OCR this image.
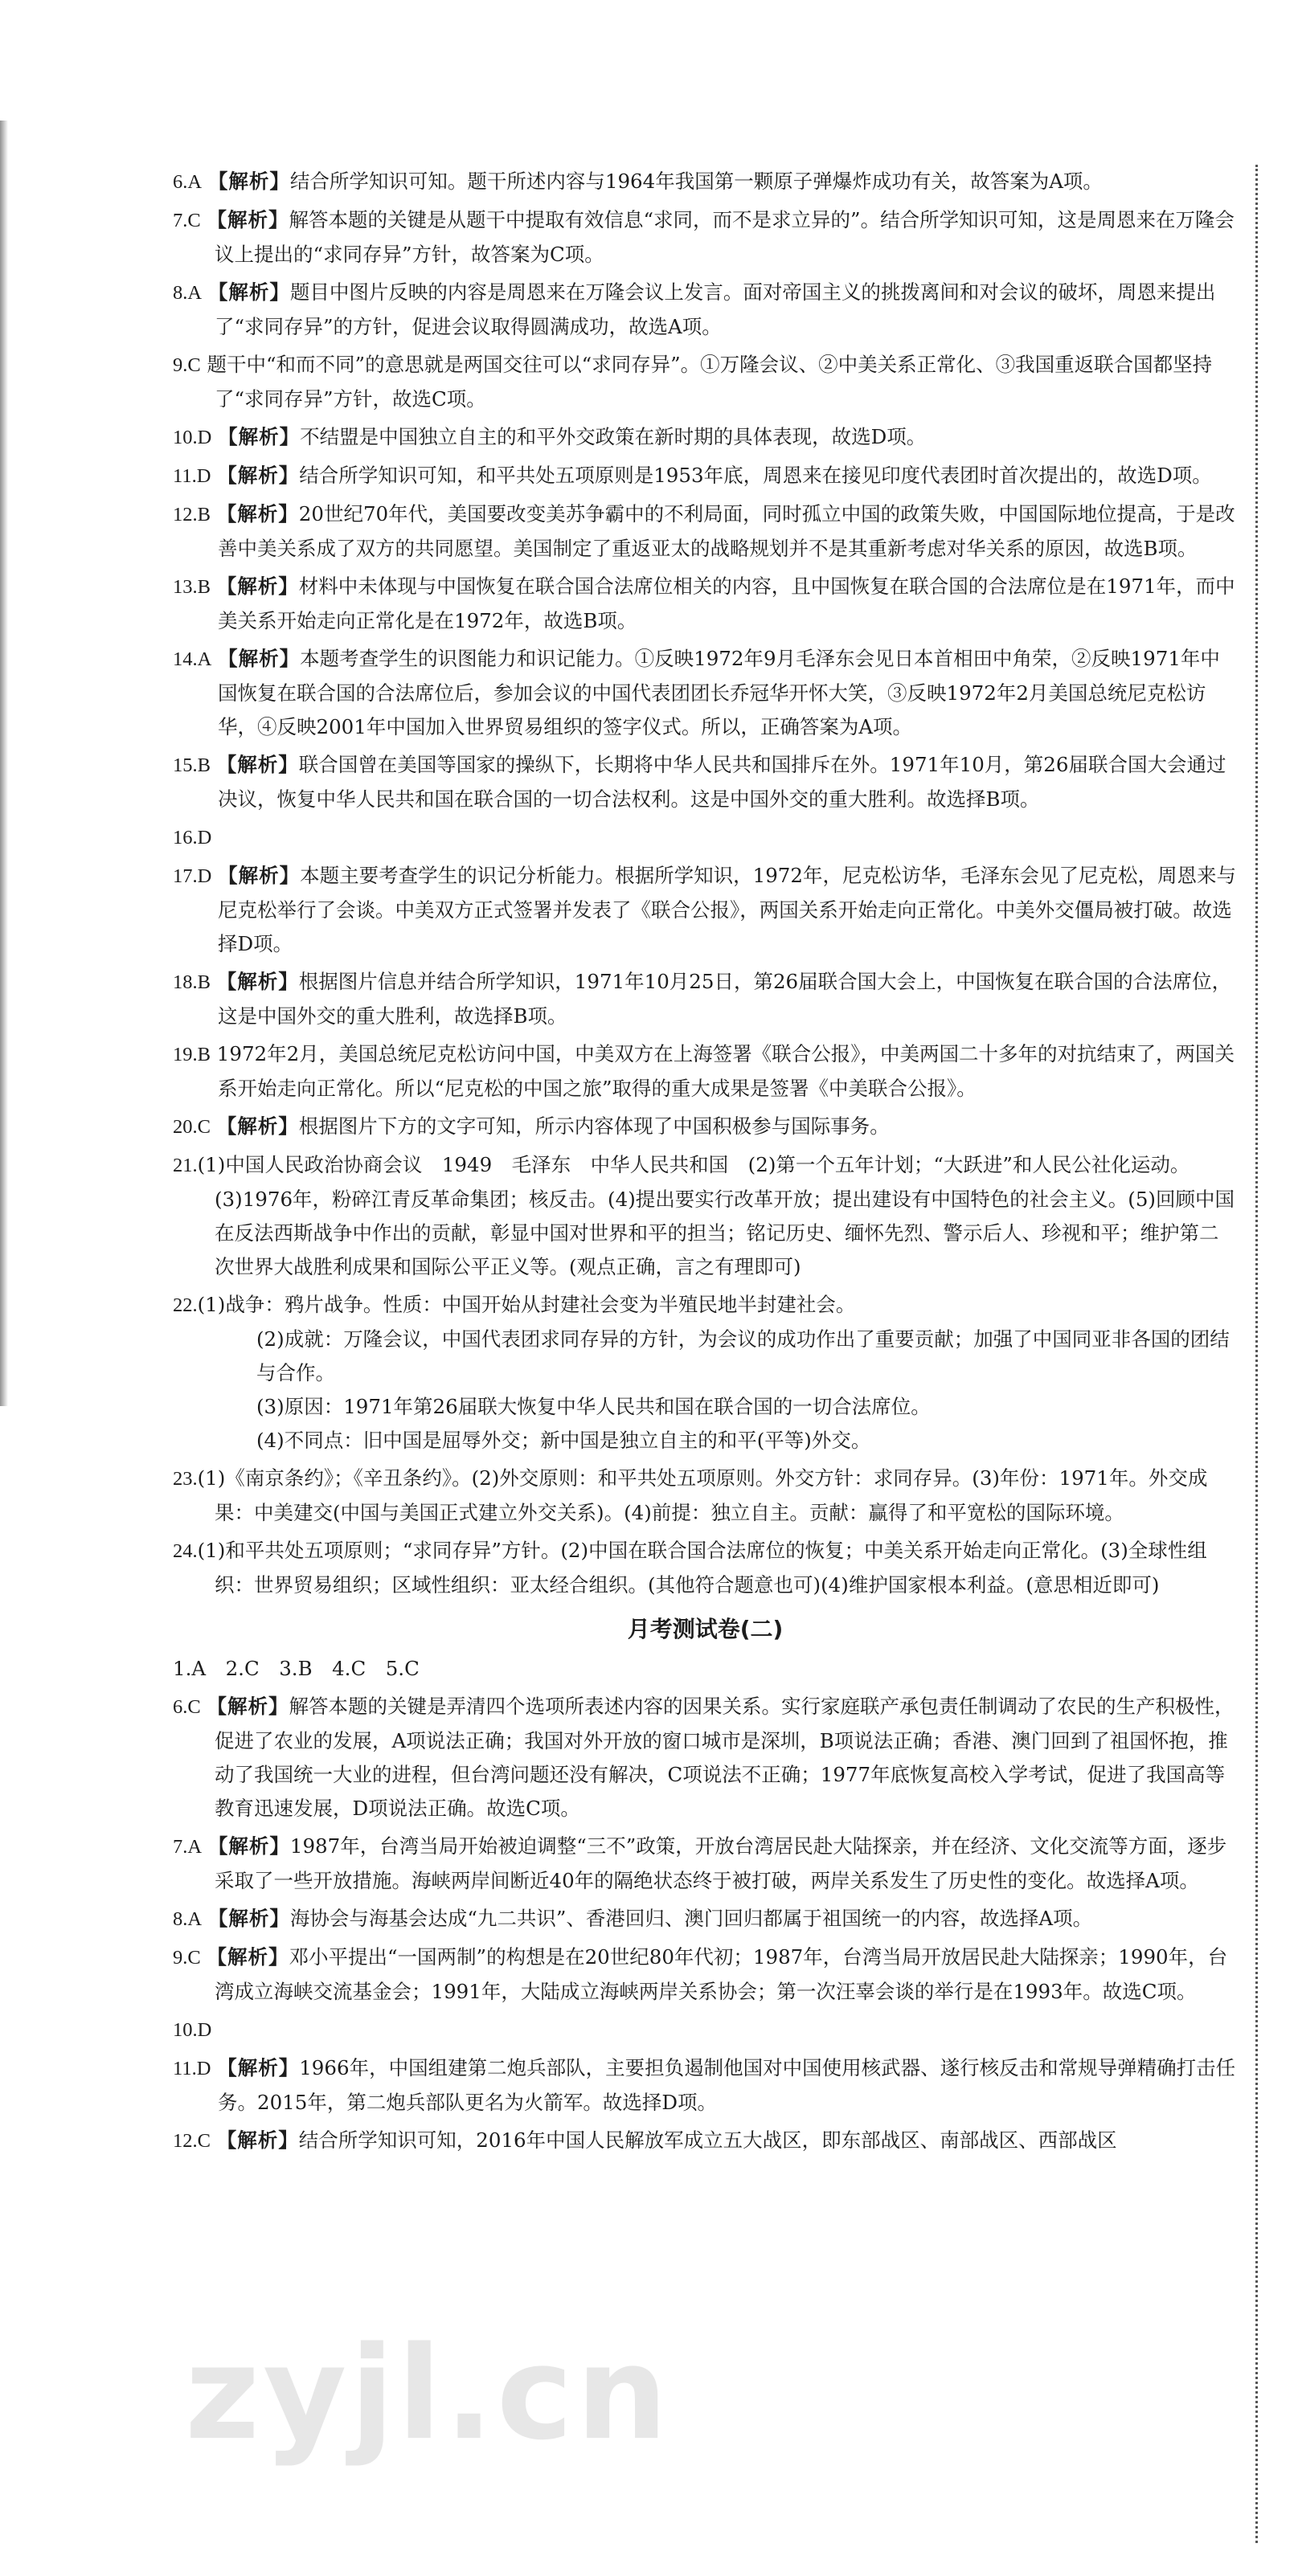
6.A 【解析】结合所学知识可知。题干所述内容与1964年我国第一颗原子弹爆炸成功有关，故答案为A项。
7.C 【解析】解答本题的关键是从题干中提取有效信息“求同，而不是求立异的”。结合所学知识可知，这是周恩来在万隆会议上提出的“求同存异”方针，故答案为C项。
8.A 【解析】题目中图片反映的内容是周恩来在万隆会议上发言。面对帝国主义的挑拨离间和对会议的破坏，周恩来提出了“求同存异”的方针，促进会议取得圆满成功，故选A项。
9.C 题干中“和而不同”的意思就是两国交往可以“求同存异”。①万隆会议、②中美关系正常化、③我国重返联合国都坚持了“求同存异”方针，故选C项。
10.D 【解析】不结盟是中国独立自主的和平外交政策在新时期的具体表现，故选D项。
11.D 【解析】结合所学知识可知，和平共处五项原则是1953年底，周恩来在接见印度代表团时首次提出的，故选D项。
12.B 【解析】20世纪70年代，美国要改变美苏争霸中的不利局面，同时孤立中国的政策失败，中国国际地位提高，于是改善中美关系成了双方的共同愿望。美国制定了重返亚太的战略规划并不是其重新考虑对华关系的原因，故选B项。
13.B 【解析】材料中未体现与中国恢复在联合国合法席位相关的内容，且中国恢复在联合国的合法席位是在1971年，而中美关系开始走向正常化是在1972年，故选B项。
14.A 【解析】本题考查学生的识图能力和识记能力。①反映1972年9月毛泽东会见日本首相田中角荣，②反映1971年中国恢复在联合国的合法席位后，参加会议的中国代表团团长乔冠华开怀大笑，③反映1972年2月美国总统尼克松访华，④反映2001年中国加入世界贸易组织的签字仪式。所以，正确答案为A项。
15.B 【解析】联合国曾在美国等国家的操纵下，长期将中华人民共和国排斥在外。1971年10月，第26届联合国大会通过决议，恢复中华人民共和国在联合国的一切合法权利。这是中国外交的重大胜利。故选择B项。
16.D
17.D 【解析】本题主要考查学生的识记分析能力。根据所学知识，1972年，尼克松访华，毛泽东会见了尼克松，周恩来与尼克松举行了会谈。中美双方正式签署并发表了《联合公报》，两国关系开始走向正常化。中美外交僵局被打破。故选择D项。
18.B 【解析】根据图片信息并结合所学知识，1971年10月25日，第26届联合国大会上，中国恢复在联合国的合法席位，这是中国外交的重大胜利，故选择B项。
19.B 1972年2月，美国总统尼克松访问中国，中美双方在上海签署《联合公报》，中美两国二十多年的对抗结束了，两国关系开始走向正常化。所以“尼克松的中国之旅”取得的重大成果是签署《中美联合公报》。
20.C 【解析】根据图片下方的文字可知，所示内容体现了中国积极参与国际事务。
21.(1)中国人民政治协商会议　1949　毛泽东　中华人民共和国　(2)第一个五年计划；“大跃进”和人民公社化运动。(3)1976年，粉碎江青反革命集团；核反击。(4)提出要实行改革开放；提出建设有中国特色的社会主义。(5)回顾中国在反法西斯战争中作出的贡献，彰显中国对世界和平的担当；铭记历史、缅怀先烈、警示后人、珍视和平；维护第二次世界大战胜利成果和国际公平正义等。(观点正确，言之有理即可)
22.(1)战争：鸦片战争。性质：中国开始从封建社会变为半殖民地半封建社会。
(2)成就：万隆会议，中国代表团求同存异的方针，为会议的成功作出了重要贡献；加强了中国同亚非各国的团结与合作。
(3)原因：1971年第26届联大恢复中华人民共和国在联合国的一切合法席位。
(4)不同点：旧中国是屈辱外交；新中国是独立自主的和平(平等)外交。
23.(1)《南京条约》；《辛丑条约》。(2)外交原则：和平共处五项原则。外交方针：求同存异。(3)年份：1971年。外交成果：中美建交(中国与美国正式建立外交关系)。(4)前提：独立自主。贡献：赢得了和平宽松的国际环境。
24.(1)和平共处五项原则；“求同存异”方针。(2)中国在联合国合法席位的恢复；中美关系开始走向正常化。(3)全球性组织：世界贸易组织；区域性组织：亚太经合组织。(其他符合题意也可)(4)维护国家根本利益。(意思相近即可)
月考测试卷(二)
1.A　2.C　3.B　4.C　5.C
6.C 【解析】解答本题的关键是弄清四个选项所表述内容的因果关系。实行家庭联产承包责任制调动了农民的生产积极性，促进了农业的发展，A项说法正确；我国对外开放的窗口城市是深圳，B项说法正确；香港、澳门回到了祖国怀抱，推动了我国统一大业的进程，但台湾问题还没有解决，C项说法不正确；1977年底恢复高校入学考试，促进了我国高等教育迅速发展，D项说法正确。故选C项。
7.A 【解析】1987年，台湾当局开始被迫调整“三不”政策，开放台湾居民赴大陆探亲，并在经济、文化交流等方面，逐步采取了一些开放措施。海峡两岸间断近40年的隔绝状态终于被打破，两岸关系发生了历史性的变化。故选择A项。
8.A 【解析】海协会与海基会达成“九二共识”、香港回归、澳门回归都属于祖国统一的内容，故选择A项。
9.C 【解析】邓小平提出“一国两制”的构想是在20世纪80年代初；1987年，台湾当局开放居民赴大陆探亲；1990年，台湾成立海峡交流基金会；1991年，大陆成立海峡两岸关系协会；第一次汪辜会谈的举行是在1993年。故选C项。
10.D
11.D 【解析】1966年，中国组建第二炮兵部队，主要担负遏制他国对中国使用核武器、遂行核反击和常规导弹精确打击任务。2015年，第二炮兵部队更名为火箭军。故选择D项。
12.C 【解析】结合所学知识可知，2016年中国人民解放军成立五大战区，即东部战区、南部战区、西部战区
zyjl.cn
